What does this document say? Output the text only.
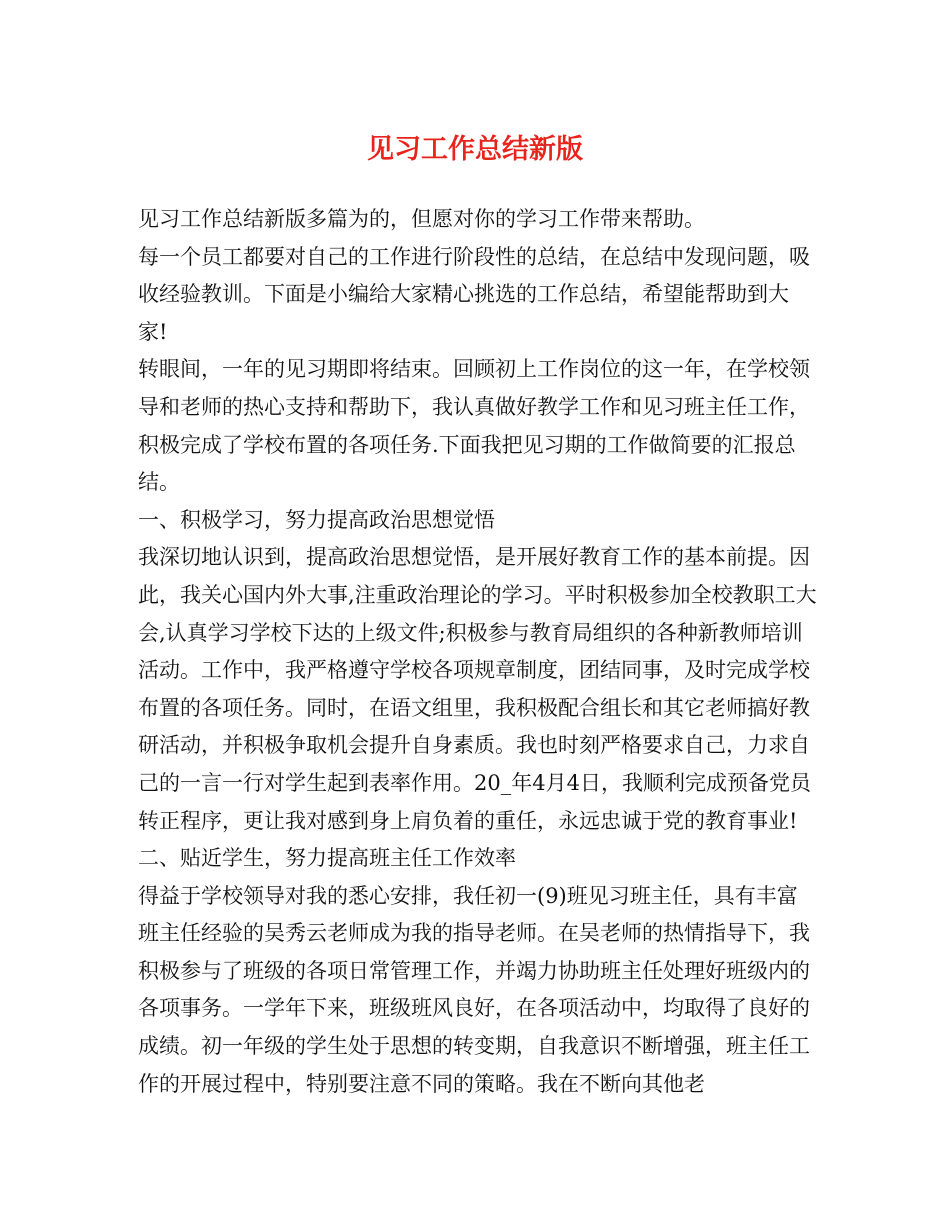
见习工作总结新版

见习工作总结新版多篇为的，但愿对你的学习工作带来帮助。

每一个员工都要对自己的工作进行阶段性的总结，在总结中发现问题，吸收经验教训。下面是小编给大家精心挑选的工作总结，希望能帮助到大家!

转眼间，一年的见习期即将结束。回顾初上工作岗位的这一年，在学校领导和老师的热心支持和帮助下，我认真做好教学工作和见习班主任工作，积极完成了学校布置的各项任务.下面我把见习期的工作做简要的汇报总结。

一、积极学习，努力提高政治思想觉悟

我深切地认识到，提高政治思想觉悟，是开展好教育工作的基本前提。因此，我关心国内外大事,注重政治理论的学习。平时积极参加全校教职工大会,认真学习学校下达的上级文件;积极参与教育局组织的各种新教师培训活动。工作中，我严格遵守学校各项规章制度，团结同事，及时完成学校布置的各项任务。同时，在语文组里，我积极配合组长和其它老师搞好教研活动，并积极争取机会提升自身素质。我也时刻严格要求自己，力求自己的一言一行对学生起到表率作用。20_年4月4日，我顺利完成预备党员转正程序，更让我对感到身上肩负着的重任，永远忠诚于党的教育事业!

二、贴近学生，努力提高班主任工作效率

得益于学校领导对我的悉心安排，我任初一(9)班见习班主任，具有丰富班主任经验的吴秀云老师成为我的指导老师。在吴老师的热情指导下，我积极参与了班级的各项日常管理工作，并竭力协助班主任处理好班级内的各项事务。一学年下来，班级班风良好，在各项活动中，均取得了良好的成绩。初一年级的学生处于思想的转变期，自我意识不断增强，班主任工作的开展过程中，特别要注意不同的策略。我在不断向其他老
